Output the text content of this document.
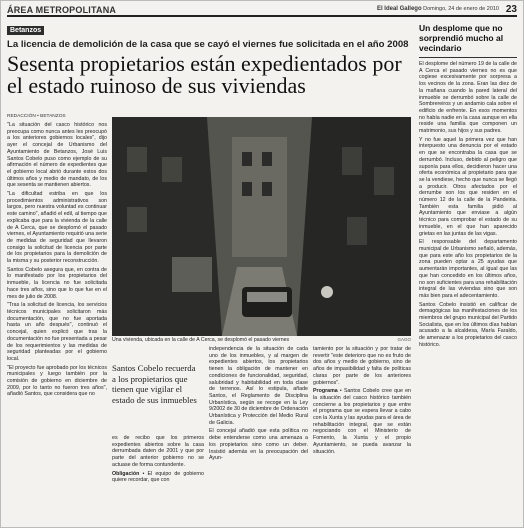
ÁREA METROPOLITANA	El Ideal Gallego Domingo, 24 de enero de 2010 23
Betanzos
La licencia de demolición de la casa que se cayó el viernes fue solicitada en el año 2008
Sesenta propietarios están expedientados por el estado ruinoso de sus viviendas
REDACCIÓN • BETANZOS

"La situación del casco histórico nos preocupa como nunca antes les preocupó a los anteriores gobiernos locales", dijo ayer el concejal de Urbanismo del Ayuntamiento de Betanzos, José Luis Santos Cobelo puso como ejemplo de su afirmación el número de expedientes que el gobierno local abrió durante estos dos últimos años y medio de mandato, de los que sesenta se mantienen abiertos.

"La dificultad estriba en que los procedimientos administrativos son largos, pero nuestra voluntad es continuar este camino", añadió el edil, al tiempo que explicaba que para la vivienda de la calle de A Cerca, que se desplomó el pasado viernes, el Ayuntamiento requirió una serie de medidas de seguridad que llevaron consigo la solicitud de licencia por parte de los propietarios para la demolición de la misma y su posterior reconstrucción.

Santos Cobelo asegura que, en contra de lo manifestado por los propietarios del inmueble, la licencia no fue solicitada hace tres años, sino que lo que fue en el mes de julio de 2008.

"Tras la solicitud de licencia, los servicios técnicos municipales solicitaron más documentación, que no fue aportada hasta un año después", continuó el concejal, quien explicó que tras la documentación no fue presentada a pesar de los requerimientos y las medidas de seguridad planteadas por el gobierno local.

"El proyecto fue aprobado por los técnicos municipales y luego también por la comisión de gobierno en diciembre de 2009, por lo tanto no fueron tres años", añadió Santos, que considera que no

Una vivienda, ubicada en la calle de A Cerca, se desplomó el pasado viernes	GAGO
Santos Cobelo recuerda a los propietarios que tienen que vigilar el estado de sus inmuebles

es de recibo que los primeros expedientes abiertos sobre la casa derrumbada daten de 2001 y que por parte del anterior gobierno no se actuase de forma contundente.

Obligación • El equipo de gobierno quiere recordar, que con

independencia de la situación de cada uno de los inmuebles, y al margen de expedientes abiertos, los propietarios tienen la obligación de mantener en condiciones de funcionalidad, seguridad, salubridad y habitabilidad en toda clase de terrenos. Así lo estipula, añade Santos, el Reglamento de Disciplina Urbanística, según se recoge en la Ley 9/2002 de 30 de diciembre de Ordenación Urbanística y Protección del Medio Rural de Galicia.

El concejal añadió que esta política no debe entenderse como una amenaza a los propietarios sino como un deber. Insistió además en la preocupación del Ayun-

tamiento por la situación y por tratar de revertir "este deterioro que no es fruto de dos años y medio de gobierno, sino de años de impasibilidad y falta de políticas claras por parte de los anteriores gobiernos".

Programa • Santos Cobelo cree que en la situación del casco histórico también concierne a los propietarios y que entre el programa que se espera llevar a cabo con la Xunta y las ayudas para el área de rehabilitación integral, que se están negociando con el Ministerio de Fomento, la Xunta y el propio Ayuntamiento, se pueda avanzar la situación.

Un desplome que no sorprendió mucho al vecindario

El desplome del número 19 de la calle de A Cerca el pasado viernes no es que cogiese excesivamente por sorpresa a los vecinos de la zona. Eran las diez de la mañana cuando la pared lateral del inmueble se derrumbó sobre la calle de Sombrereiros y un andamio cala sobre el edificio de enfrente. En esos momentos no había nadie en la casa aunque en ella reside una familia que componen un matrimonio, sus hijos y sus padres.

Y no fue aquel la primera vez que han interpuesto una denuncia por el estado en que se encontraba la casa que se derrumbó. Incluso, debido al peligro que suponía para ellos, decidieron hacer una oferta económica al propietario para que se la vendiese, hecho que nunca se llegó a producir. Otros afectados por el derrumbe son los que residen en el número 12 de la calle de la Pandeiria. También esta familia pidió al Ayuntamiento que enviase a algún técnico para comprobar el estado de su inmueble, en el que han aparecido grietas en las juntas de las vigas.

El responsable del departamento municipal de Urbanismo señaló, además, que para este año los propietarios de la zona pueden optar a 25 ayudas que aumentarán importantes, al igual que las que han concedido en los últimos años, no son suficientes para una rehabilitación integral de las viviendas sino que son más bien para el adecentamiento.

Santos Cobelo insistió en calificar de demagógicas las manifestaciones de los miembros del grupo municipal del Partido Socialista, que en los últimos días habían acusado a la alcaldesa, María Faraldo, de amenazar a los propietarios del casco histórico.
